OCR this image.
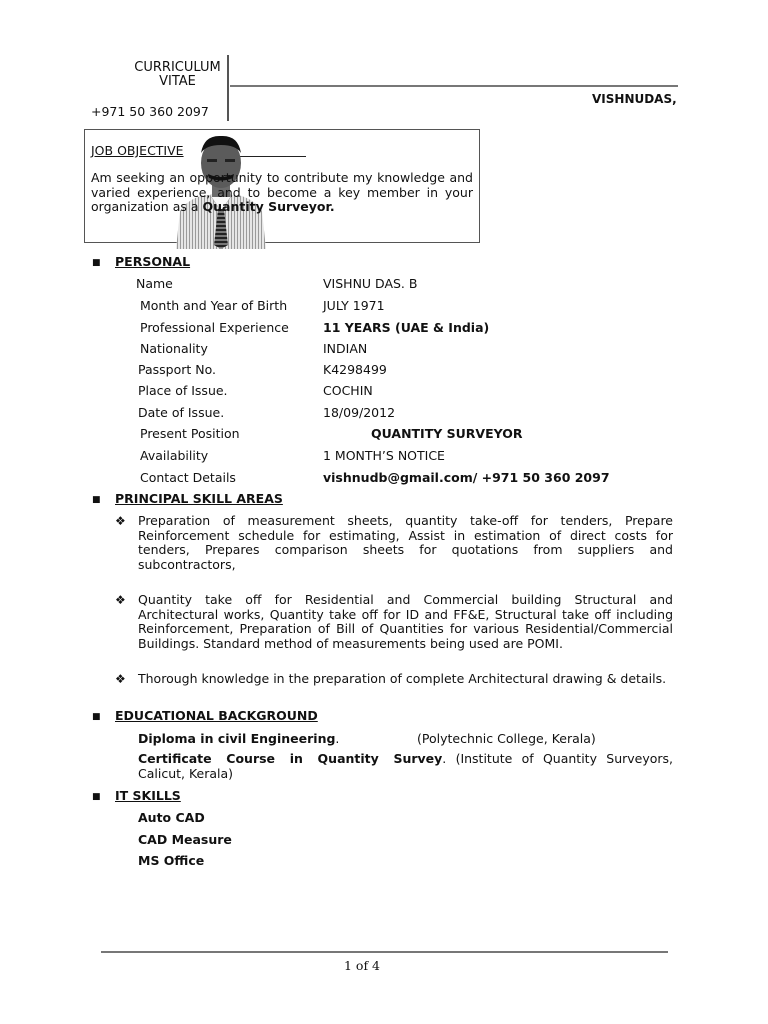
CURRICULUM
VITAE
+971 50 360 2097
VISHNUDAS,
JOB OBJECTIVE
Am seeking an opportunity to contribute my knowledge and varied experience, and to become a key member in your organization as a Quantity Surveyor.
■ PERSONAL
Name	VISHNU DAS. B
Month and Year of Birth	JULY 1971
Professional Experience	11 YEARS (UAE & India)
Nationality	INDIAN
Passport No.	K4298499
Place of Issue.	COCHIN
Date of Issue.	18/09/2012
Present Position	QUANTITY SURVEYOR
Availability	1 MONTH’S NOTICE
Contact Details	vishnudb@gmail.com/ +971 50 360 2097
■ PRINCIPAL SKILL AREAS
❖ Preparation of measurement sheets, quantity take-off for tenders, Prepare Reinforcement schedule for estimating, Assist in estimation of direct costs for tenders, Prepares comparison sheets for quotations from suppliers and subcontractors,
❖ Quantity take off for Residential and Commercial building Structural and Architectural works, Quantity take off for ID and FF&E, Structural take off including Reinforcement, Preparation of Bill of Quantities for various Residential/Commercial Buildings. Standard method of measurements being used are POMI.
❖ Thorough knowledge in the preparation of complete Architectural drawing & details.
■ EDUCATIONAL BACKGROUND
Diploma in civil Engineering.	(Polytechnic College, Kerala)
Certificate Course in Quantity Survey. (Institute of Quantity Surveyors, Calicut, Kerala)
■ IT SKILLS
Auto CAD
CAD Measure
MS Office
1 of 4
